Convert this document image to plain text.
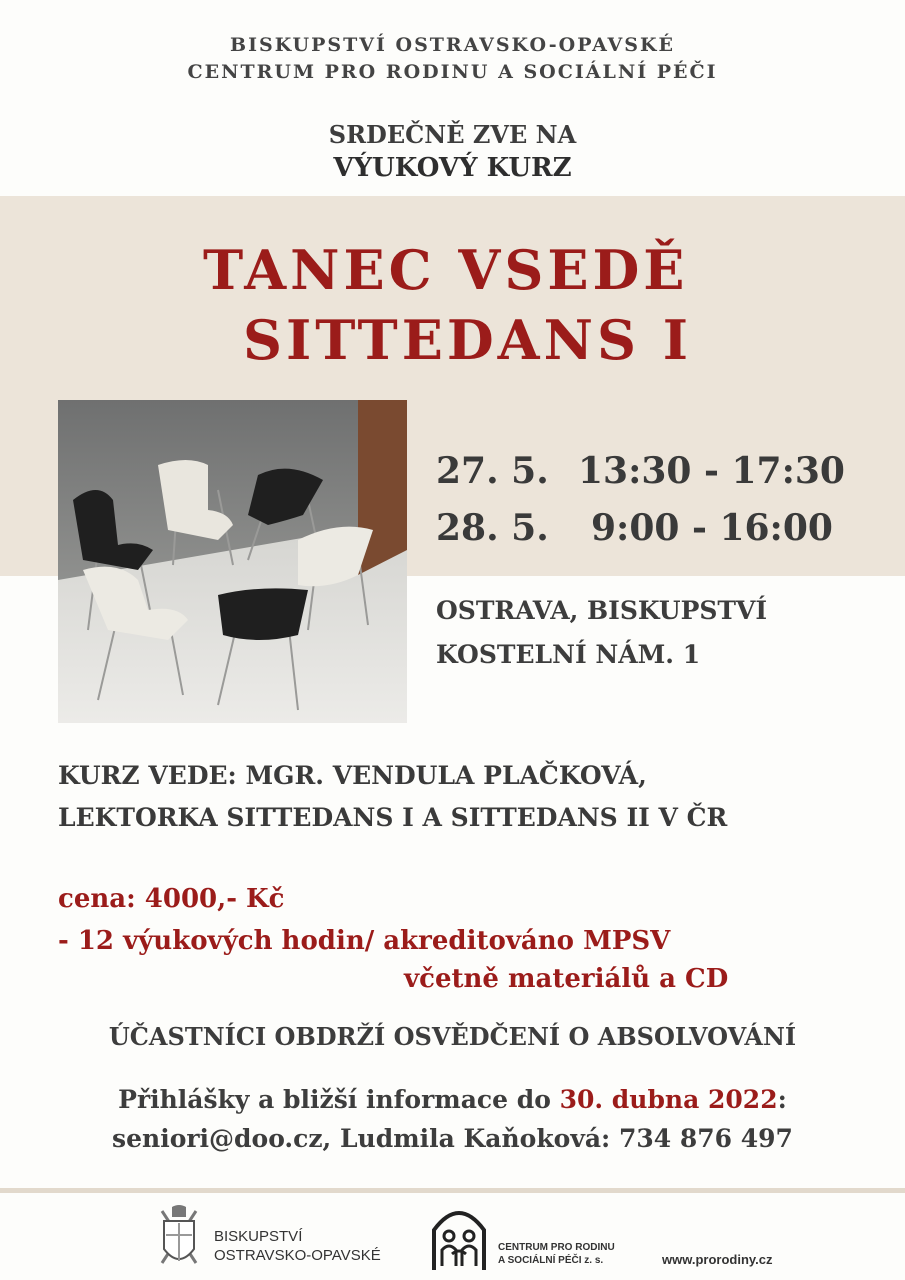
BISKUPSTVÍ OSTRAVSKO-OPAVSKÉ
CENTRUM PRO RODINU A SOCIÁLNÍ PÉČI
SRDEČNĚ ZVE NA
VÝUKOVÝ KURZ
TANEC VSEDĚ
SITTEDANS I
27. 5. 13:30 - 17:30
28. 5. 9:00 - 16:00
OSTRAVA, BISKUPSTVÍ
KOSTELNÍ NÁM. 1
KURZ VEDE: MGR. VENDULA PLAČKOVÁ,
LEKTORKA SITTEDANS I A SITTEDANS II V ČR
cena: 4000,- Kč
- 12 výukových hodin/ akreditováno MPSV
včetně materiálů a CD
ÚČASTNÍCI OBDRŽÍ OSVĚDČENÍ O ABSOLVOVÁNÍ
Přihlášky a bližší informace do 30. dubna 2022:
seniori@doo.cz, Ludmila Kaňoková: 734 876 497
BISKUPSTVÍ
OSTRAVSKO-OPAVSKÉ	CENTRUM PRO RODINU
A SOCIÁLNÍ PÉČI z. s.	www.prorodiny.cz
